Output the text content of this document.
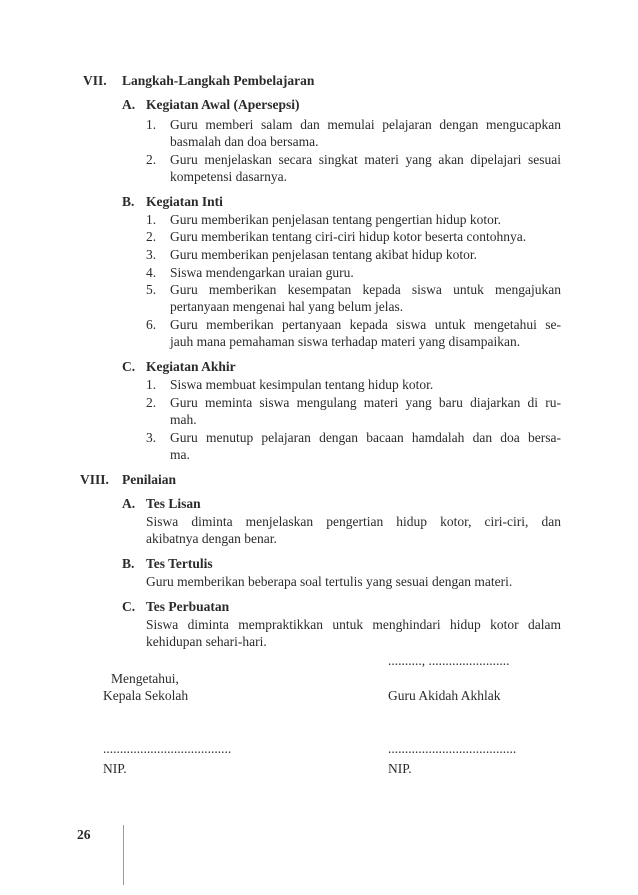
VII. Langkah-Langkah Pembelajaran
A. Kegiatan Awal (Apersepsi)
1. Guru memberi salam dan memulai pelajaran dengan mengucapkan
basmalah dan doa bersama.
2. Guru menjelaskan secara singkat materi yang akan dipelajari sesuai
kompetensi dasarnya.
B. Kegiatan Inti
1. Guru memberikan penjelasan tentang pengertian hidup kotor.
2. Guru memberikan tentang ciri-ciri hidup kotor beserta contohnya.
3. Guru memberikan penjelasan tentang akibat hidup kotor.
4. Siswa mendengarkan uraian guru.
5. Guru memberikan kesempatan kepada siswa untuk mengajukan
pertanyaan mengenai hal yang belum jelas.
6. Guru memberikan pertanyaan kepada siswa untuk mengetahui se-
jauh mana pemahaman siswa terhadap materi yang disampaikan.
C. Kegiatan Akhir
1. Siswa membuat kesimpulan tentang hidup kotor.
2. Guru meminta siswa mengulang materi yang baru diajarkan di ru-
mah.
3. Guru menutup pelajaran dengan bacaan hamdalah dan doa bersa-
ma.
VIII. Penilaian
A. Tes Lisan
Siswa diminta menjelaskan pengertian hidup kotor, ciri-ciri, dan
akibatnya dengan benar.
B. Tes Tertulis
Guru memberikan beberapa soal tertulis yang sesuai dengan materi.
C. Tes Perbuatan
Siswa diminta mempraktikkan untuk menghindari hidup kotor dalam
kehidupan sehari-hari.
.........., ........................
Mengetahui,
Kepala Sekolah	Guru Akidah Akhlak
......................................	......................................
NIP.	NIP.
26
